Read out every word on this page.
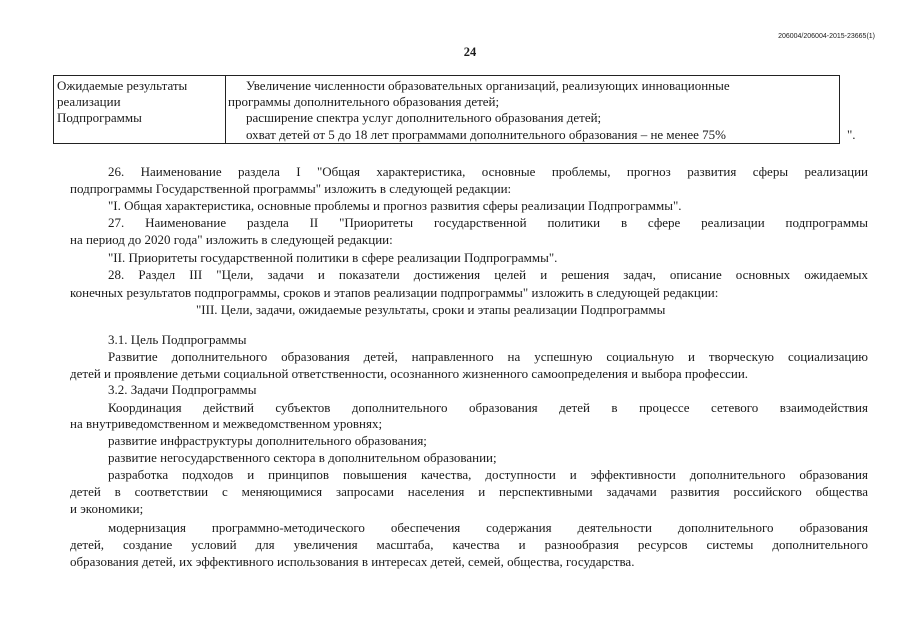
206004/206004-2015-23665(1)
24
Ожидаемые результаты
реализации
Подпрограммы
Увеличение численности образовательных организаций, реализующих инновационные
программы дополнительного образования детей;
расширение спектра услуг дополнительного образования детей;
охват детей от 5 до 18 лет программами дополнительного образования – не менее 75%	".
26. Наименование раздела I "Общая характеристика, основные проблемы, прогноз развития сферы реализации
подпрограммы Государственной программы" изложить в следующей редакции:
"I. Общая характеристика, основные проблемы и прогноз развития сферы реализации Подпрограммы".
27. Наименование раздела II "Приоритеты государственной политики в сфере реализации подпрограммы
на период до 2020 года" изложить в следующей редакции:
"II. Приоритеты государственной политики в сфере реализации Подпрограммы".
28. Раздел III "Цели, задачи и показатели достижения целей и решения задач, описание основных ожидаемых
конечных результатов подпрограммы, сроков и этапов реализации подпрограммы" изложить в следующей редакции:
"III. Цели, задачи, ожидаемые результаты, сроки и этапы реализации Подпрограммы
3.1. Цель Подпрограммы
Развитие дополнительного образования детей, направленного на успешную социальную и творческую социализацию
детей и проявление детьми социальной ответственности, осознанного жизненного самоопределения и выбора профессии.
3.2. Задачи Подпрограммы
Координация действий субъектов дополнительного образования детей в процессе сетевого взаимодействия
на внутриведомственном и межведомственном уровнях;
развитие инфраструктуры дополнительного образования;
развитие негосударственного сектора в дополнительном образовании;
разработка подходов и принципов повышения качества, доступности и эффективности дополнительного образования
детей в соответствии с меняющимися запросами населения и перспективными задачами развития российского общества
и экономики;
модернизация программно-методического обеспечения содержания деятельности дополнительного образования
детей, создание условий для увеличения масштаба, качества и разнообразия ресурсов системы дополнительного
образования детей, их эффективного использования в интересах детей, семей, общества, государства.
